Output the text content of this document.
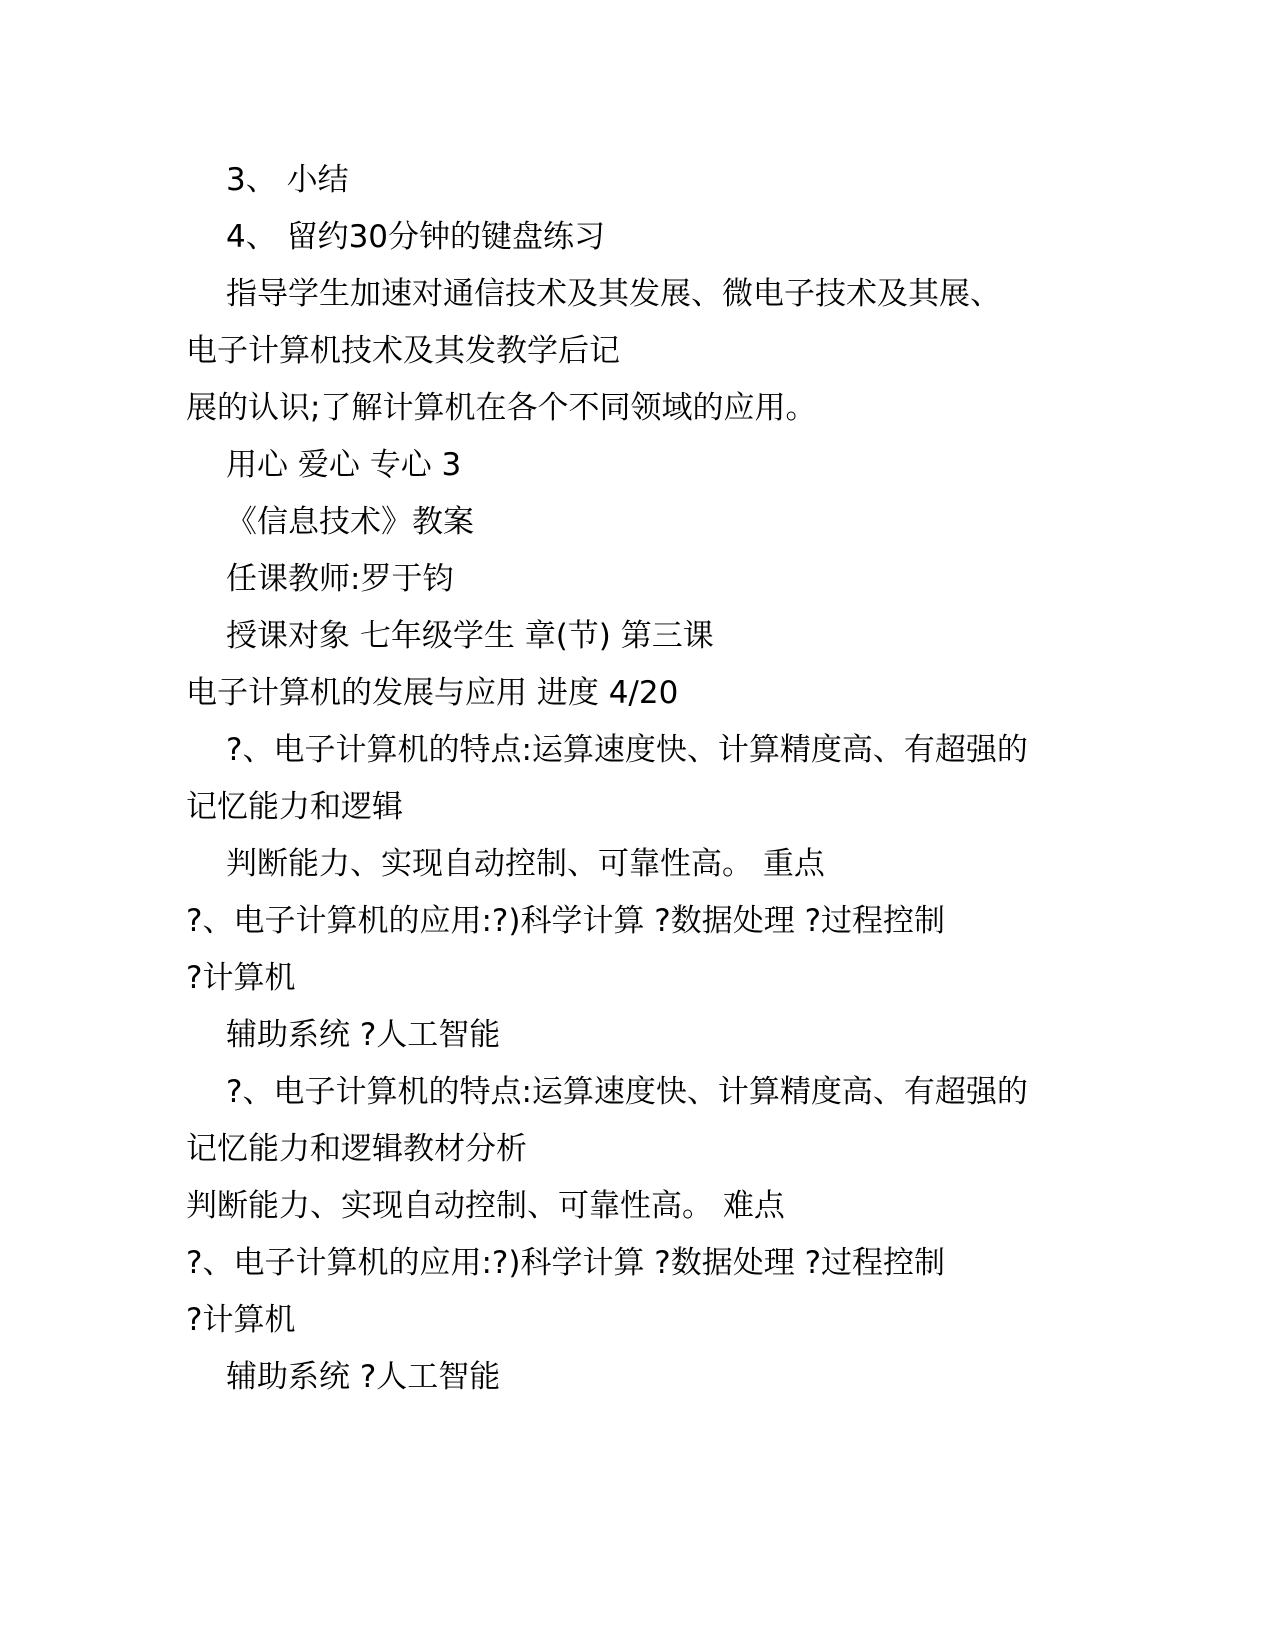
3、 小结
4、 留约30分钟的键盘练习
指导学生加速对通信技术及其发展、微电子技术及其展、
电子计算机技术及其发教学后记
展的认识;了解计算机在各个不同领域的应用。
用心 爱心 专心 3
《信息技术》教案
任课教师:罗于钧
授课对象 七年级学生 章(节) 第三课
电子计算机的发展与应用 进度 4/20
?、电子计算机的特点:运算速度快、计算精度高、有超强的
记忆能力和逻辑
判断能力、实现自动控制、可靠性高。 重点
?、电子计算机的应用:?)科学计算 ?数据处理 ?过程控制
?计算机
辅助系统 ?人工智能
?、电子计算机的特点:运算速度快、计算精度高、有超强的
记忆能力和逻辑教材分析
判断能力、实现自动控制、可靠性高。 难点
?、电子计算机的应用:?)科学计算 ?数据处理 ?过程控制
?计算机
辅助系统 ?人工智能
